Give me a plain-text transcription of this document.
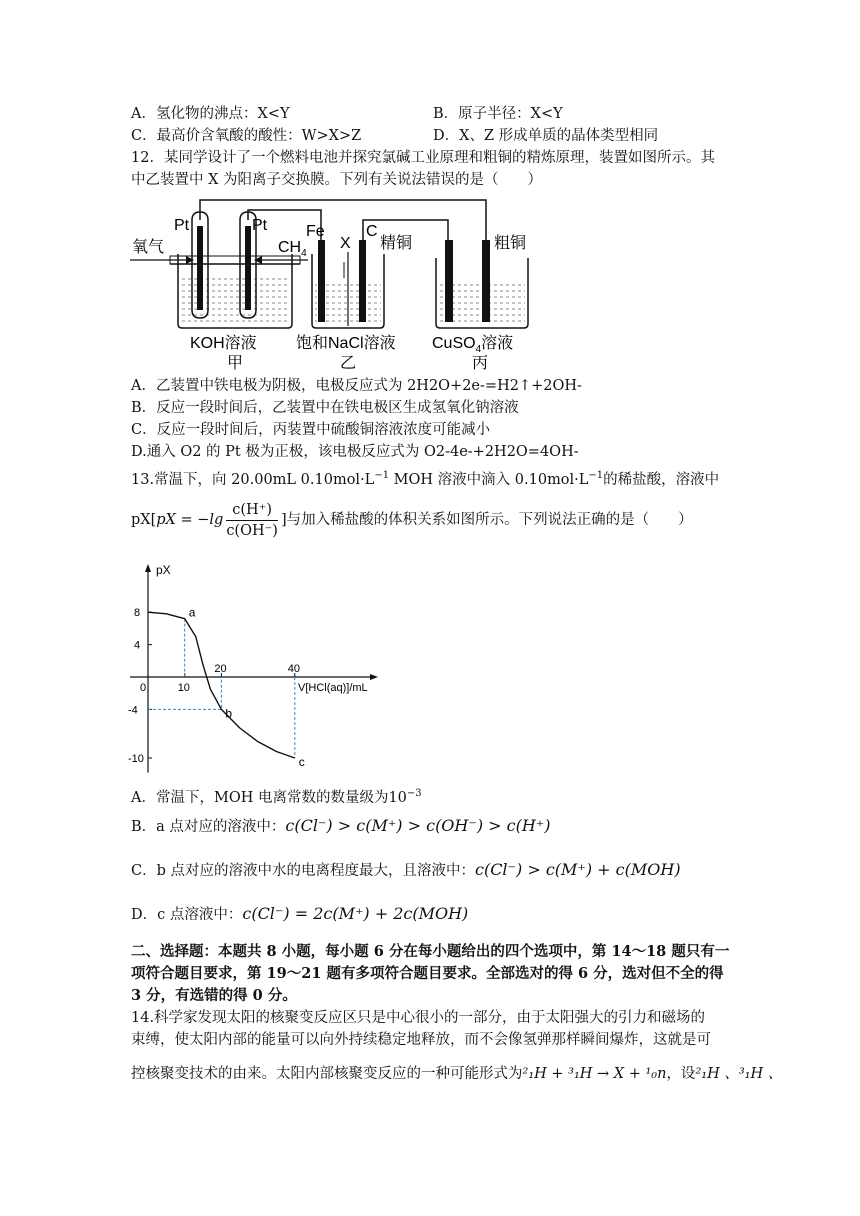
A．氢化物的沸点：X<Y	B．原子半径：X<Y
C．最高价含氧酸的酸性：W>X>Z	D．X、Z 形成单质的晶体类型相同
12．某同学设计了一个燃料电池并探究氯碱工业原理和粗铜的精炼原理，装置如图所示。其
中乙装置中 X 为阳离子交换膜。下列有关说法错误的是（　　）
氧气
Pt	Pt
$CH_4$
Fe
X
C
精铜	粗铜
KOH溶液
甲
饱和NaCl溶液
乙
CuSO$_4$溶液
丙
A．乙装置中铁电极为阴极，电极反应式为 2H2O+2e-=H2↑+2OH-
B．反应一段时间后，乙装置中在铁电极区生成氢氧化钠溶液
C．反应一段时间后，丙装置中硫酸铜溶液浓度可能减小
D.通入 O2 的 Pt 极为正极，该电极反应式为 O2-4e-+2H2O=4OH-
13.常温下，向 20.00mL $0.10mol\cdot L^{-1}$ MOH 溶液中滴入 $0.10mol\cdot L^{-1}$的稀盐酸，溶液中
pX[ pX = $-\lg \frac{c(H^+)}{c(OH^-)}$ ]与加入稀盐酸的体积关系如图所示。下列说法正确的是（　　）
pX
V[HCl(aq)]/mL
0	10
20	40
8
4
-4
-10
a
b
c
A．常温下，MOH 电离常数的数量级为$10^{-3}$
B．a 点对应的溶液中：c(Cl⁻) > c(M⁺) > c(OH⁻) > c(H⁺)
C．b 点对应的溶液中水的电离程度最大，且溶液中：c(Cl⁻) > c(M⁺) + c(MOH)
D．c 点溶液中：c(Cl⁻) = 2c(M⁺) + 2c(MOH)
二、选择题：本题共 8 小题，每小题 6 分在每小题给出的四个选项中，第 14～18 题只有一
项符合题目要求，第 19～21 题有多项符合题目要求。全部选对的得 6 分，选对但不全的得
3 分，有选错的得 0 分。
14.科学家发现太阳的核聚变反应区只是中心很小的一部分，由于太阳强大的引力和磁场的
束缚，使太阳内部的能量可以向外持续稳定地释放，而不会像氢弹那样瞬间爆炸，这就是可
控核聚变技术的由来。太阳内部核聚变反应的一种可能形式为²₁H + ³₁H → X + ¹₀n，设²₁H 、³₁H 、
